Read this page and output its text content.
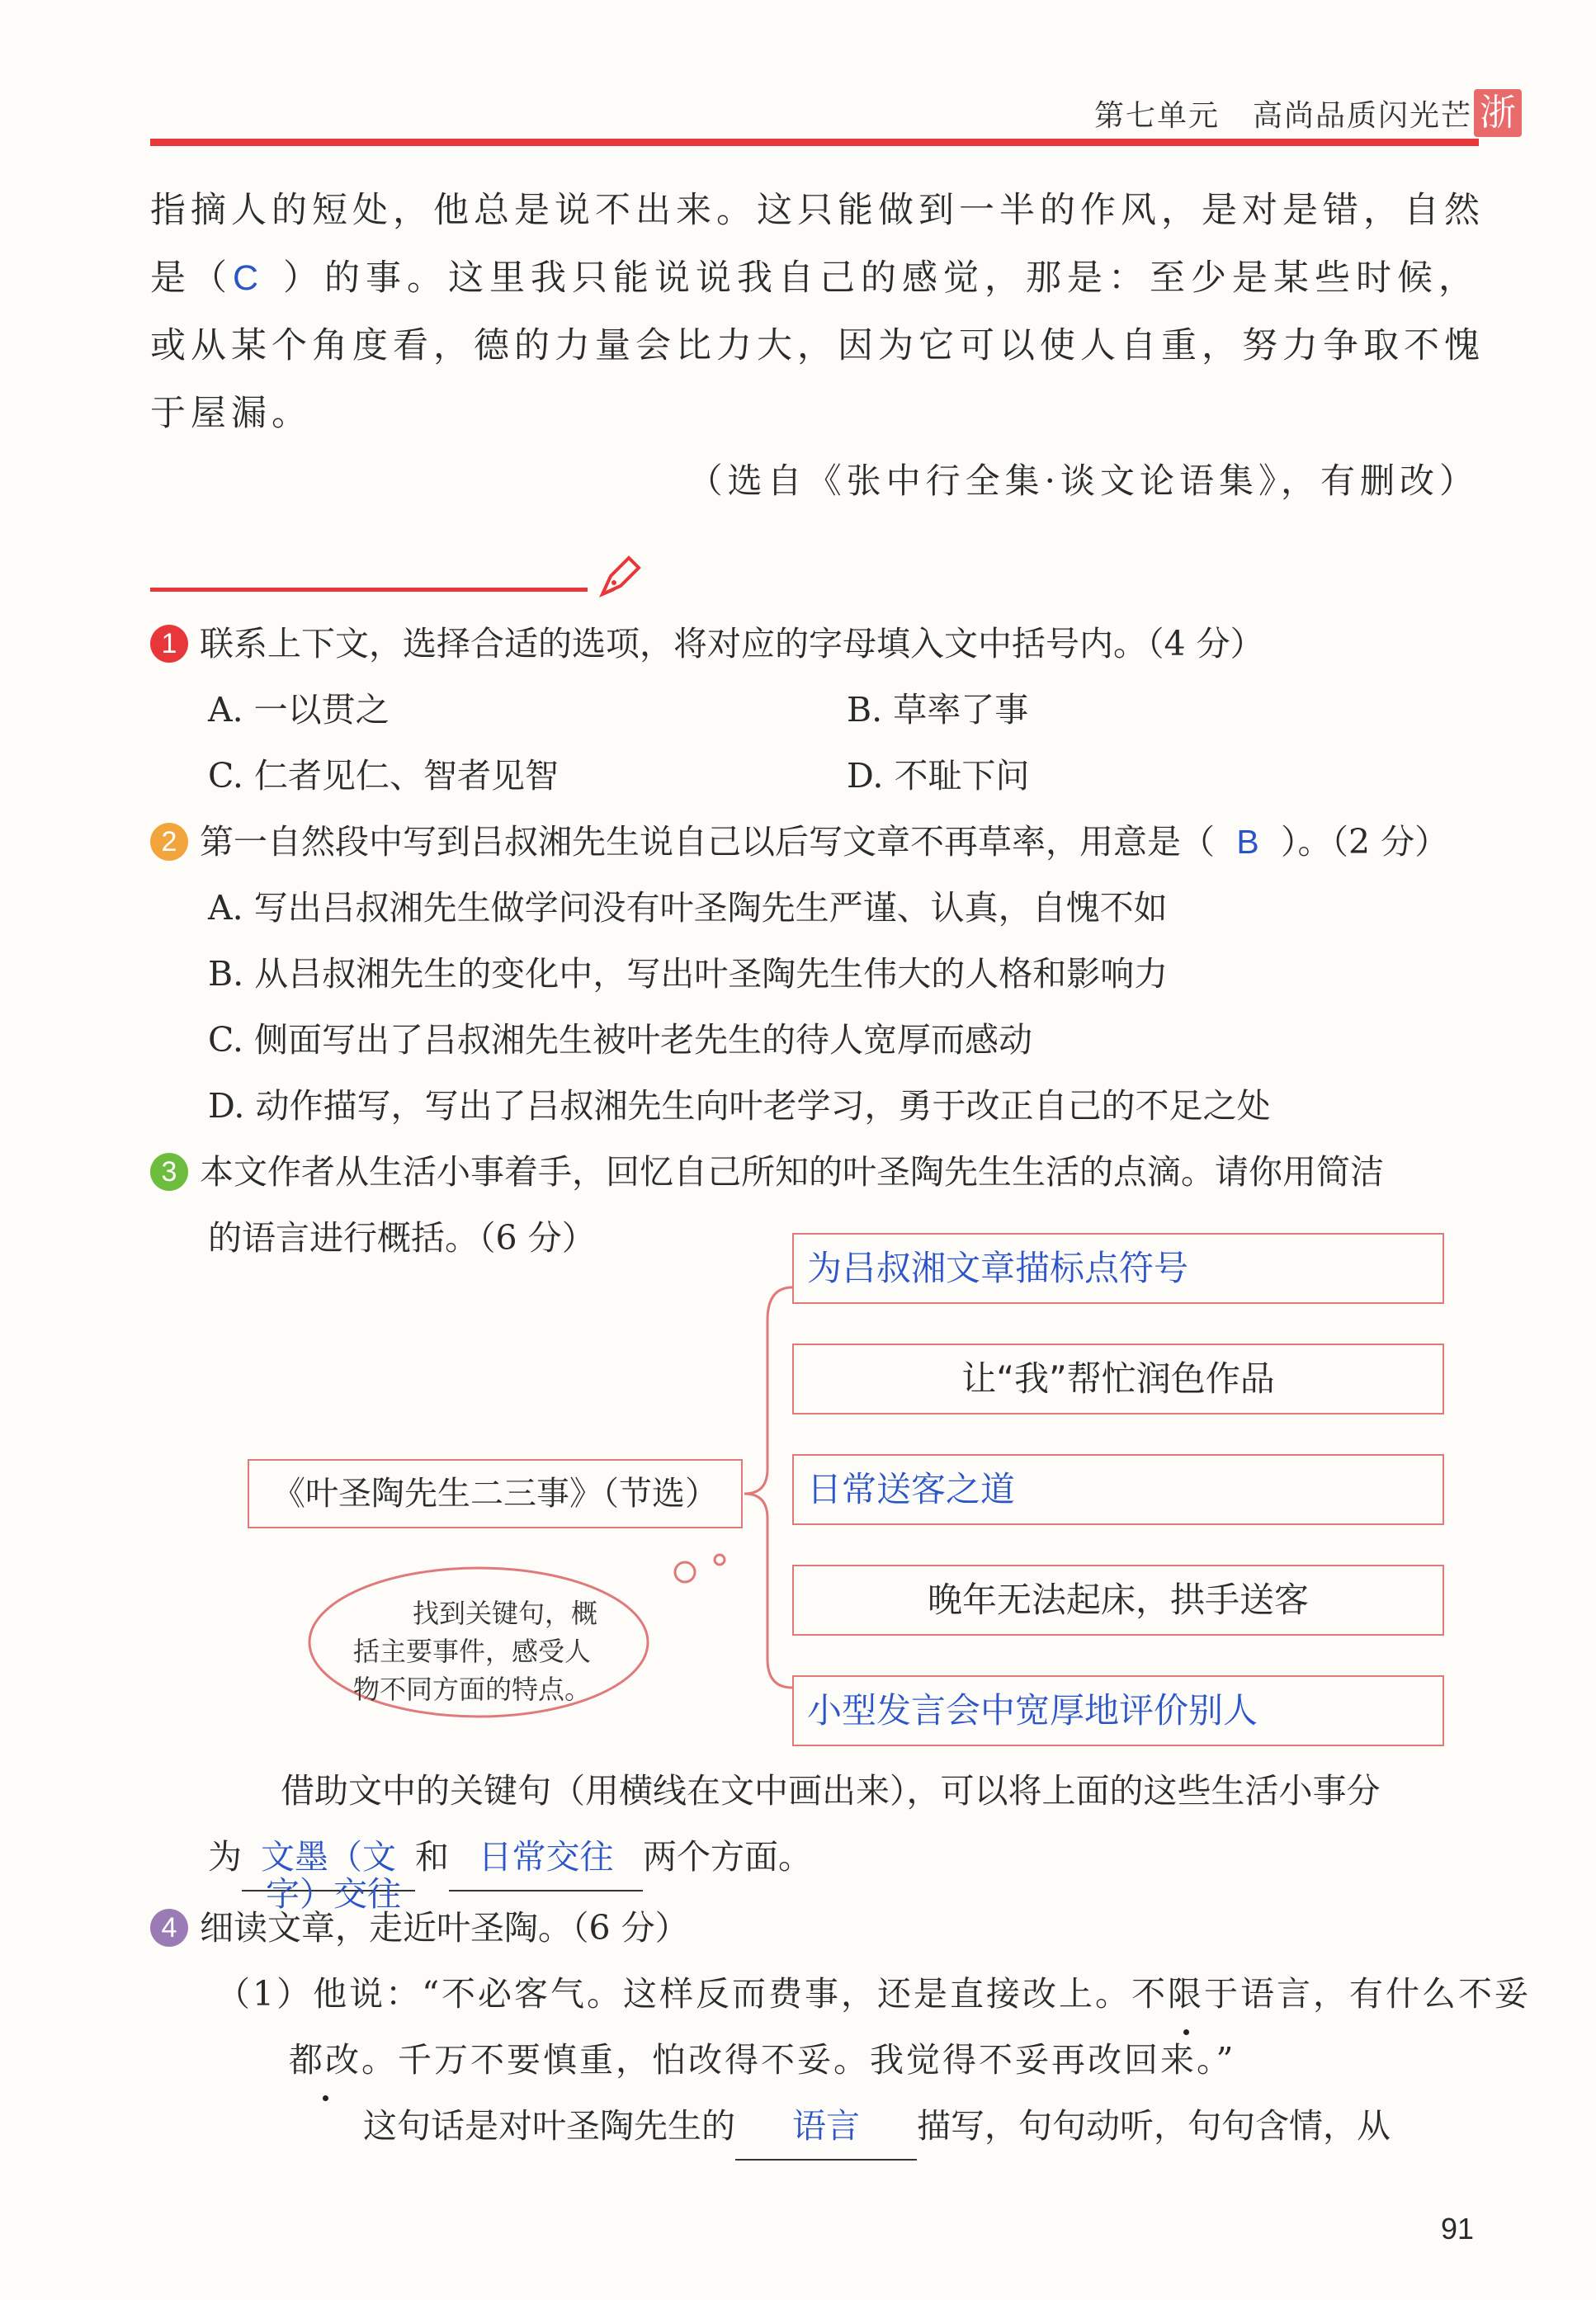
第七单元 高尚品质闪光芒 浙
指摘人的短处，他总是说不出来。这只能做到一半的作风，是对是错，自然
是（C ）的事。这里我只能说说我自己的感觉，那是：至少是某些时候，
或从某个角度看，德的力量会比力大，因为它可以使人自重，努力争取不愧
于屋漏。
（选自《张中行全集·谈文论语集》，有删改）
1 联系上下文，选择合适的选项，将对应的字母填入文中括号内。（4 分）
A. 一以贯之	B. 草率了事
C. 仁者见仁、智者见智	D. 不耻下问
2 第一自然段中写到吕叔湘先生说自己以后写文章不再草率，用意是（ B ）。（2 分）
A. 写出吕叔湘先生做学问没有叶圣陶先生严谨、认真，自愧不如
B. 从吕叔湘先生的变化中，写出叶圣陶先生伟大的人格和影响力
C. 侧面写出了吕叔湘先生被叶老先生的待人宽厚而感动
D. 动作描写，写出了吕叔湘先生向叶老学习，勇于改正自己的不足之处
3 本文作者从生活小事着手，回忆自己所知的叶圣陶先生生活的点滴。请你用简洁
的语言进行概括。（6 分）
《叶圣陶先生二三事》（节选）
为吕叔湘文章描标点符号
让“我”帮忙润色作品
日常送客之道
晚年无法起床，拱手送客
小型发言会中宽厚地评价别人
找到关键句，概
括主要事件，感受人
物不同方面的特点。
借助文中的关键句（用横线在文中画出来），可以将上面的这些生活小事分
为 文墨（文 和 日常交往 两个方面。
字）交往
4 细读文章，走近叶圣陶。（6 分）
（1）他说：“不必客气。这样反而费事，还是直接改上。不限于语言，有什么不妥
都改。千万不要慎重，怕改得不妥。我觉得不妥再改回来。”
这句话是对叶圣陶先生的 语言 描写，句句动听，句句含情，从
91
